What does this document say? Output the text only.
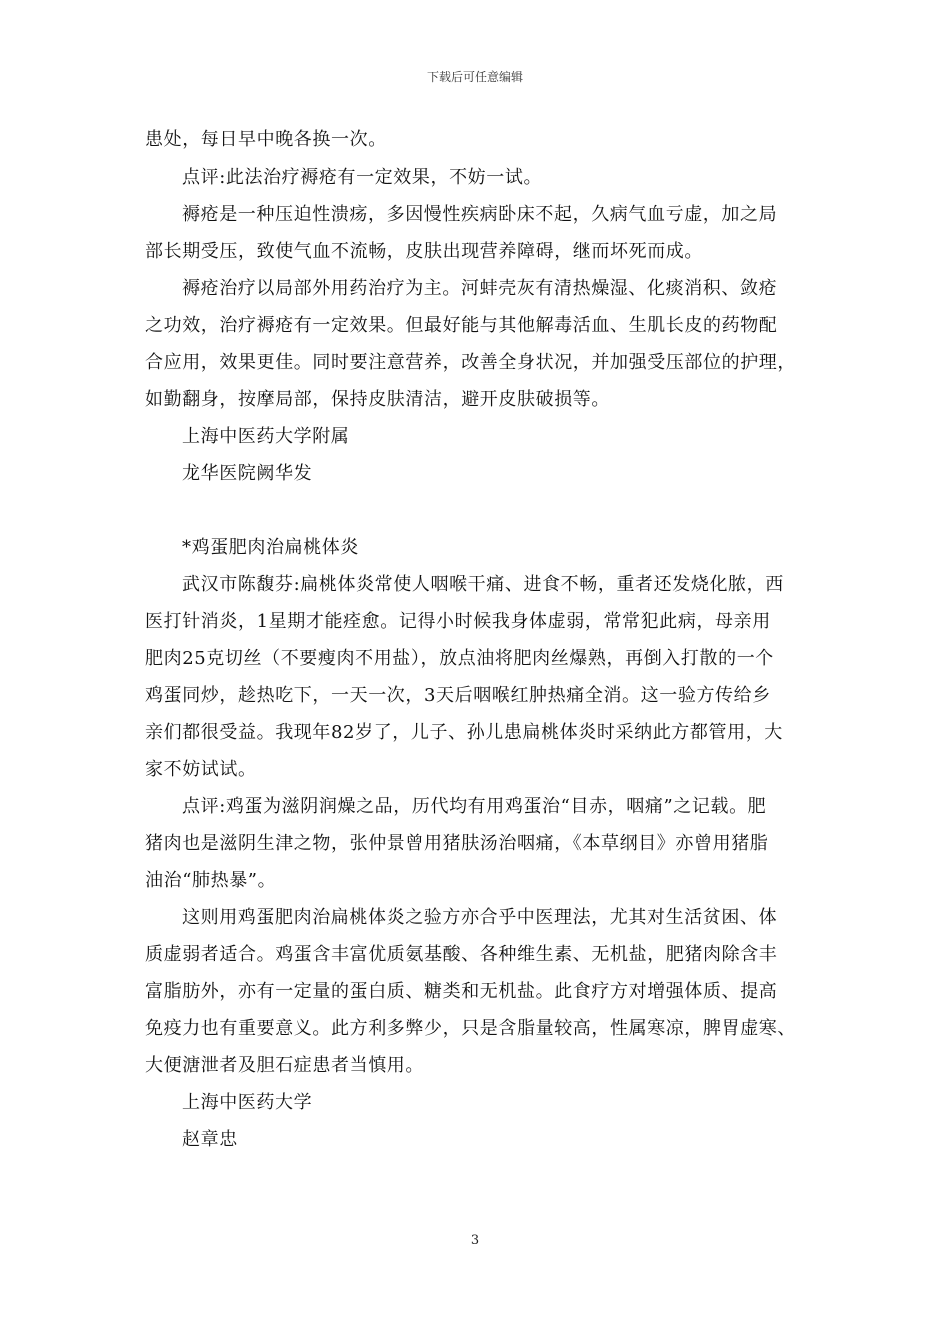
下载后可任意编辑
患处，每日早中晚各换一次。
点评:此法治疗褥疮有一定效果，不妨一试。
褥疮是一种压迫性溃疡，多因慢性疾病卧床不起，久病气血亏虚，加之局
部长期受压，致使气血不流畅，皮肤出现营养障碍，继而坏死而成。
褥疮治疗以局部外用药治疗为主。河蚌壳灰有清热燥湿、化痰消积、敛疮
之功效，治疗褥疮有一定效果。但最好能与其他解毒活血、生肌长皮的药物配
合应用，效果更佳。同时要注意营养，改善全身状况，并加强受压部位的护理，
如勤翻身，按摩局部，保持皮肤清洁，避开皮肤破损等。
上海中医药大学附属
龙华医院阙华发
*鸡蛋肥肉治扁桃体炎
武汉市陈馥芬:扁桃体炎常使人咽喉干痛、进食不畅，重者还发烧化脓，西
医打针消炎，1星期才能痊愈。记得小时候我身体虚弱，常常犯此病，母亲用
肥肉25克切丝（不要瘦肉不用盐），放点油将肥肉丝爆熟，再倒入打散的一个
鸡蛋同炒，趁热吃下，一天一次，3天后咽喉红肿热痛全消。这一验方传给乡
亲们都很受益。我现年82岁了，儿子、孙儿患扁桃体炎时采纳此方都管用，大
家不妨试试。
点评:鸡蛋为滋阴润燥之品，历代均有用鸡蛋治“目赤，咽痛”之记载。肥
猪肉也是滋阴生津之物，张仲景曾用猪肤汤治咽痛，《本草纲目》亦曾用猪脂
油治“肺热暴”。
这则用鸡蛋肥肉治扁桃体炎之验方亦合乎中医理法，尤其对生活贫困、体
质虚弱者适合。鸡蛋含丰富优质氨基酸、各种维生素、无机盐，肥猪肉除含丰
富脂肪外，亦有一定量的蛋白质、糖类和无机盐。此食疗方对增强体质、提高
免疫力也有重要意义。此方利多弊少，只是含脂量较高，性属寒凉，脾胃虚寒、
大便溏泄者及胆石症患者当慎用。
上海中医药大学
赵章忠
3
